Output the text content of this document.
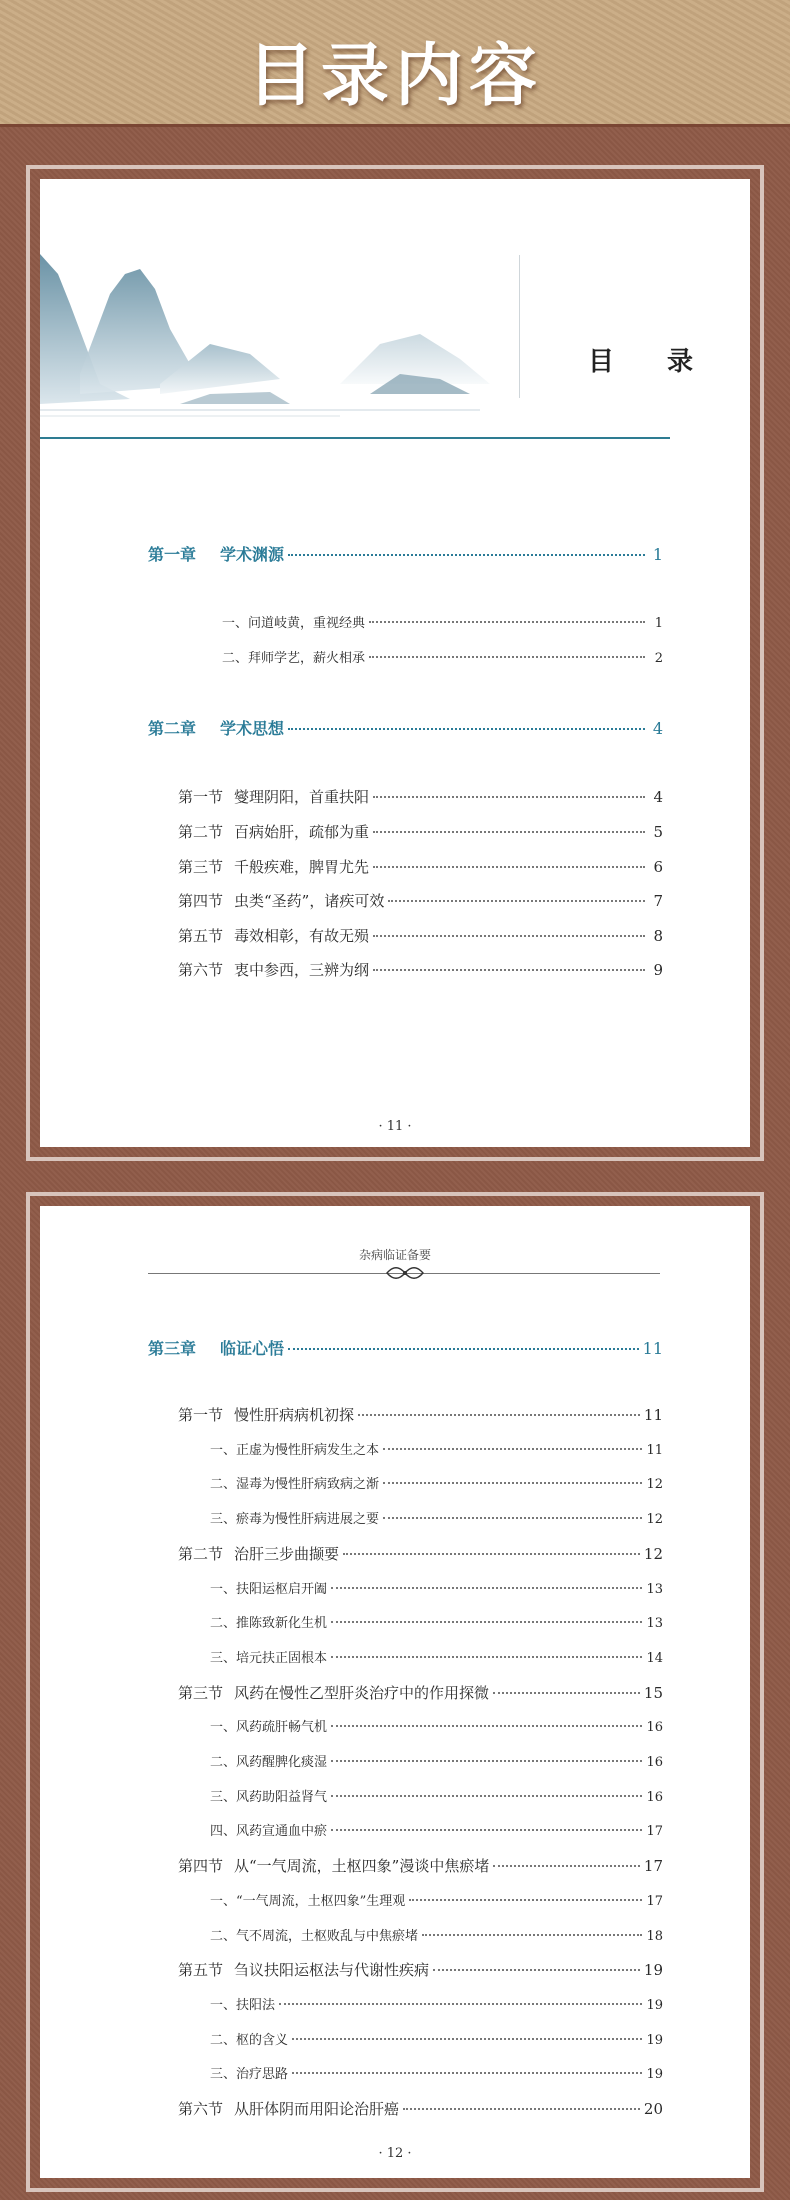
目录内容
目 录
第一章	学术渊源	1
一、问道岐黄，重视经典	1
二、拜师学艺，薪火相承	2
第二章	学术思想	4
第一节 燮理阴阳，首重扶阳	4
第二节 百病始肝，疏郁为重	5
第三节 千般疾难，脾胃尤先	6
第四节 虫类“圣药”，诸疾可效	7
第五节 毒效相彰，有故无殒	8
第六节 衷中参西，三辨为纲	9
· 11 ·
杂病临证备要
第三章	临证心悟	11
第一节 慢性肝病病机初探	11
一、正虚为慢性肝病发生之本	11
二、湿毒为慢性肝病致病之渐	12
三、瘀毒为慢性肝病进展之要	12
第二节 治肝三步曲撷要	12
一、扶阳运枢启开阖	13
二、推陈致新化生机	13
三、培元扶正固根本	14
第三节 风药在慢性乙型肝炎治疗中的作用探微	15
一、风药疏肝畅气机	16
二、风药醒脾化痰湿	16
三、风药助阳益肾气	16
四、风药宣通血中瘀	17
第四节 从“一气周流，土枢四象”漫谈中焦瘀堵	17
一、“一气周流，土枢四象”生理观	17
二、气不周流，土枢败乱与中焦瘀堵	18
第五节 刍议扶阳运枢法与代谢性疾病	19
一、扶阳法	19
二、枢的含义	19
三、治疗思路	19
第六节 从肝体阴而用阳论治肝癌	20
· 12 ·
